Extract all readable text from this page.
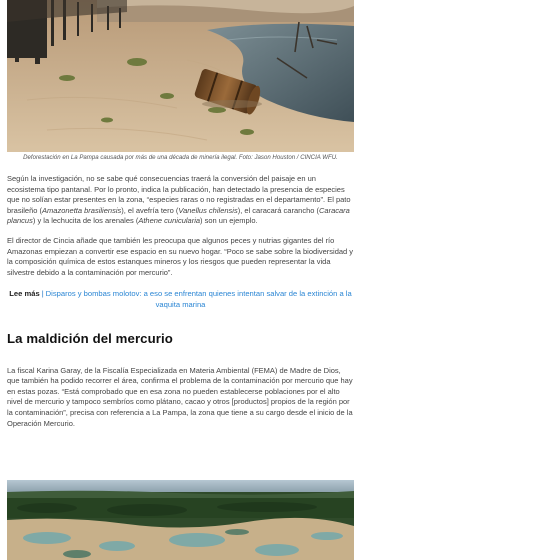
Deforestación en La Pampa causada por más de una década de minería ilegal. Foto: Jason Houston / CINCIA WFU.

Según la investigación, no se sabe qué consecuencias traerá la conversión del paisaje en un ecosistema tipo pantanal. Por lo pronto, indica la publicación, han detectado la presencia de especies que no solían estar presentes en la zona, “especies raras o no registradas en el departamento”. El pato brasileño (Amazonetta brasiliensis), el avefría tero (Vanellus chilensis), el caracará carancho (Caracara plancus) y la lechucita de los arenales (Athene cunicularia) son un ejemplo.

El director de Cincia añade que también les preocupa que algunos peces y nutrias gigantes del río Amazonas empiezan a convertir ese espacio en su nuevo hogar. “Poco se sabe sobre la biodiversidad y la composición química de estos estanques mineros y los riesgos que pueden representar la vida silvestre debido a la contaminación por mercurio”.

Lee más | Disparos y bombas molotov: a eso se enfrentan quienes intentan salvar de la extinción a la vaquita marina
La maldición del mercurio

La fiscal Karina Garay, de la Fiscalía Especializada en Materia Ambiental (FEMA) de Madre de Dios, que también ha podido recorrer el área, confirma el problema de la contaminación por mercurio que hay en estas pozas. “Está comprobado que en esa zona no pueden establecerse poblaciones por el alto nivel de mercurio y tampoco sembríos como plátano, cacao y otros [productos] propios de la región por la contaminación”, precisa con referencia a La Pampa, la zona que tiene a su cargo desde el inicio de la Operación Mercurio.
